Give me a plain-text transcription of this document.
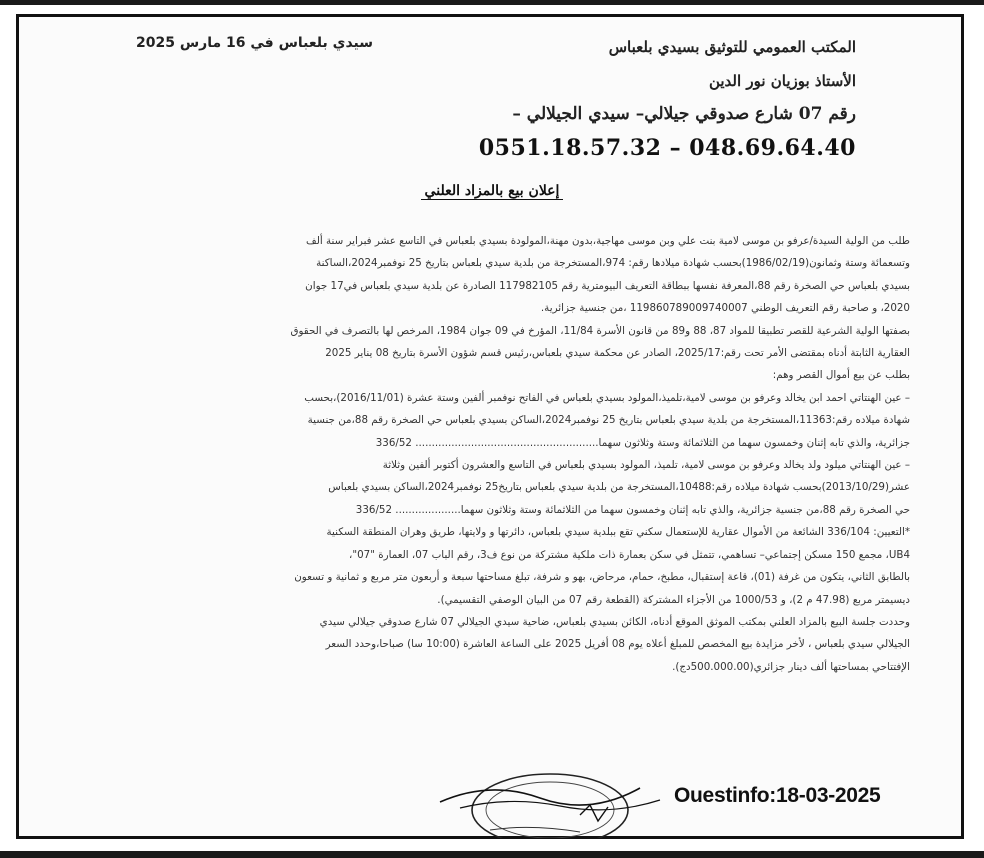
المكتب العمومي للتوثيق بسيدي بلعباس
الأستاذ بوزيان نور الدين
رقم 07 شارع صدوقي جيلالي– سيدي الجيلالي –
0551.18.57.32 – 048.69.64.40
سيدي بلعباس في 16 مارس 2025
إعلان بيع بالمزاد العلني

طلب من الولية السيدة/عرفو بن موسى لامية بنت علي وبن موسى مهاجية،بدون مهنة،المولودة بسيدي بلعباس في التاسع عشر فبراير سنة ألف

وتسعمائة وستة وثمانون(1986/02/19)بحسب شهادة ميلادها رقم: 974،المستخرجة من بلدية سيدي بلعباس بتاريخ 25 نوفمبر2024،الساكنة

بسيدي بلعباس حي الصخرة رقم 88،المعرفة نفسها ببطاقة التعريف البيومترية رقم 117982105 الصادرة عن بلدية سيدي بلعباس في17 جوان

2020، و صاحبة رقم التعريف الوطني 119860789009740007 ،من جنسية جزائرية.

بصفتها الولية الشرعية للقصر تطبيقا للمواد 87، 88 و89 من قانون الأسرة 11/84، المؤرخ في 09 جوان 1984، المرخص لها بالتصرف في الحقوق

العقارية الثابتة أدناه بمقتضى الأمر تحت رقم:2025/17، الصادر عن محكمة سيدي بلعباس،رئيس قسم شؤون الأسرة بتاريخ 08 يناير 2025

بطلب عن بيع أموال القصر وهم:

– عين الهنتاتي احمد ابن يخالد وعرفو بن موسى لامية،تلميذ،المولود بسيدي بلعباس في الفاتح نوفمبر ألفين وستة عشرة (2016/11/01)،بحسب

شهادة ميلاده رقم:11363،المستخرجة من بلدية سيدي بلعباس بتاريخ 25 نوفمبر2024،الساكن بسيدي بلعباس حي الصخرة رقم 88،من جنسية

جزائرية، والذي تابه إثنان وخمسون سهما من الثلاثمائة وستة وثلاثون سهما........................................................ 336/52

– عين الهنتاتي ميلود ولد يخالد وعرفو بن موسى لامية، تلميذ، المولود بسيدي بلعباس في التاسع والعشرون أكتوبر ألفين وثلاثة

عشر(2013/10/29)بحسب شهادة ميلاده رقم:10488،المستخرجة من بلدية سيدي بلعباس بتاريخ25 نوفمبر2024،الساكن بسيدي بلعباس

حي الصخرة رقم 88،من جنسية جزائرية، والذي تابه إثنان وخمسون سهما من الثلاثمائة وستة وثلاثون سهما.................... 336/52

*التعيين: 336/104 الشائعة من الأموال عقارية للإستعمال سكني تقع ببلدية سيدي بلعباس، دائرتها و ولايتها، طريق وهران المنطقة السكنية

UB4، مجمع 150 مسكن إجتماعي– تساهمي، تتمثل في سكن بعمارة ذات ملكية مشتركة من نوع ف3، رقم الباب 07، العمارة "07"،

بالطابق الثاني، يتكون من غرفة (01)، قاعة إستقبال، مطبخ، حمام، مرحاض، بهو و شرفة، تبلغ مساحتها سبعة و أربعون متر مربع و ثمانية و تسعون

ديسيمتر مربع (47.98 م 2)، و 1000/53 من الأجزاء المشتركة (القطعة رقم 07 من البيان الوصفي التقسيمي).

وحددت جلسة البيع بالمزاد العلني بمكتب الموثق الموقع أدناه، الكائن بسيدي بلعباس، ضاحية سيدي الجيلالي 07 شارع صدوقي جيلالي سيدي

الجيلالي سيدي بلعباس ، لأخر مزايدة بيع المخصص للمبلغ أعلاه يوم 08 أفريل 2025 على الساعة العاشرة (10:00 سا) صباحا،وحدد السعر

الإفتتاحي بمساحتها ألف دينار جزائري(500.000.00دج).

Ouestinfo:18-03-2025
